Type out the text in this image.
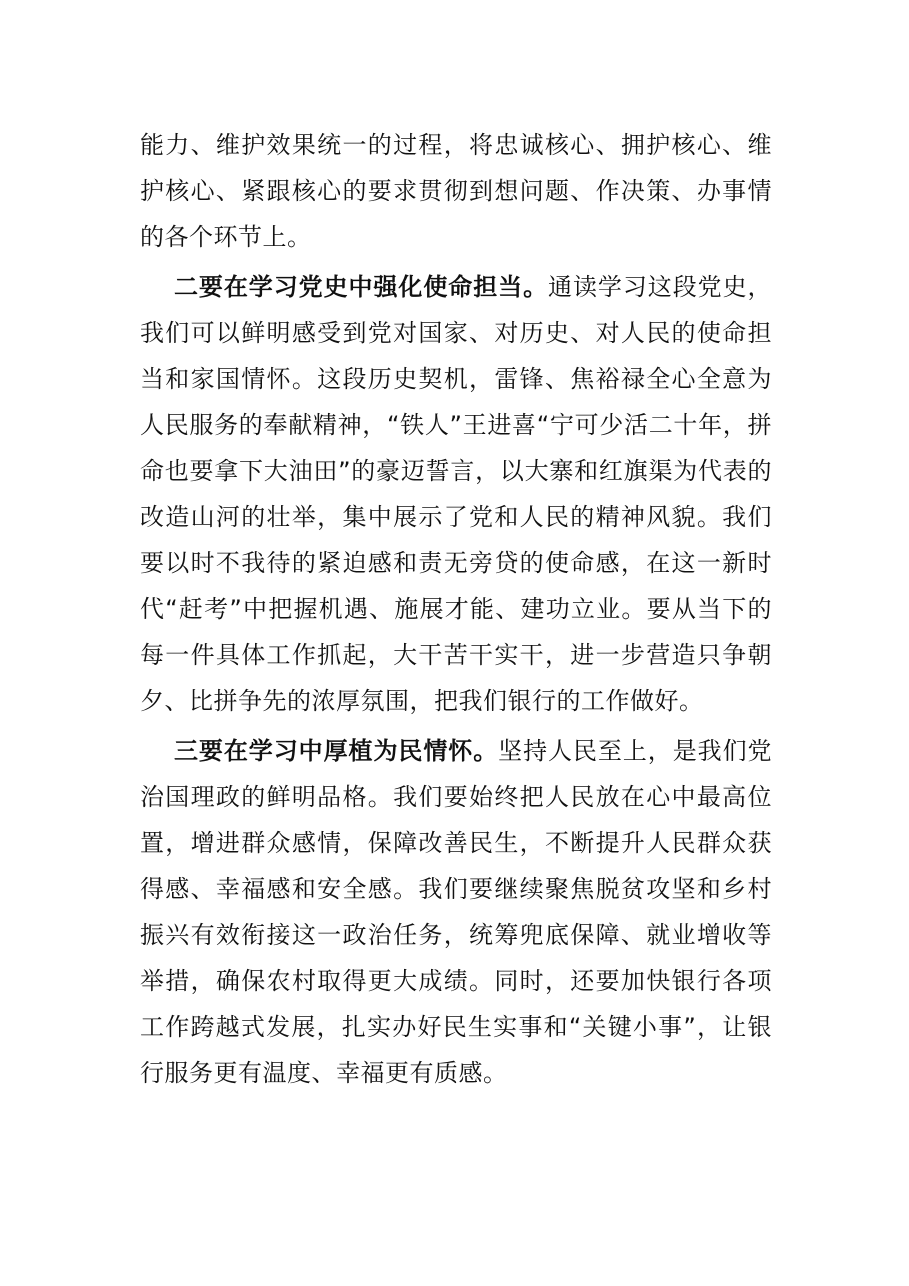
能力、维护效果统一的过程，将忠诚核心、拥护核心、维护核心、紧跟核心的要求贯彻到想问题、作决策、办事情的各个环节上。

二要在学习党史中强化使命担当。通读学习这段党史，我们可以鲜明感受到党对国家、对历史、对人民的使命担当和家国情怀。这段历史契机，雷锋、焦裕禄全心全意为人民服务的奉献精神，“铁人”王进喜“宁可少活二十年，拼命也要拿下大油田”的豪迈誓言，以大寨和红旗渠为代表的改造山河的壮举，集中展示了党和人民的精神风貌。我们要以时不我待的紧迫感和责无旁贷的使命感，在这一新时代“赶考”中把握机遇、施展才能、建功立业。要从当下的每一件具体工作抓起，大干苦干实干，进一步营造只争朝夕、比拼争先的浓厚氛围，把我们银行的工作做好。

三要在学习中厚植为民情怀。坚持人民至上，是我们党治国理政的鲜明品格。我们要始终把人民放在心中最高位置，增进群众感情，保障改善民生，不断提升人民群众获得感、幸福感和安全感。我们要继续聚焦脱贫攻坚和乡村振兴有效衔接这一政治任务，统筹兜底保障、就业增收等举措，确保农村取得更大成绩。同时，还要加快银行各项工作跨越式发展，扎实办好民生实事和“关键小事”，让银行服务更有温度、幸福更有质感。
